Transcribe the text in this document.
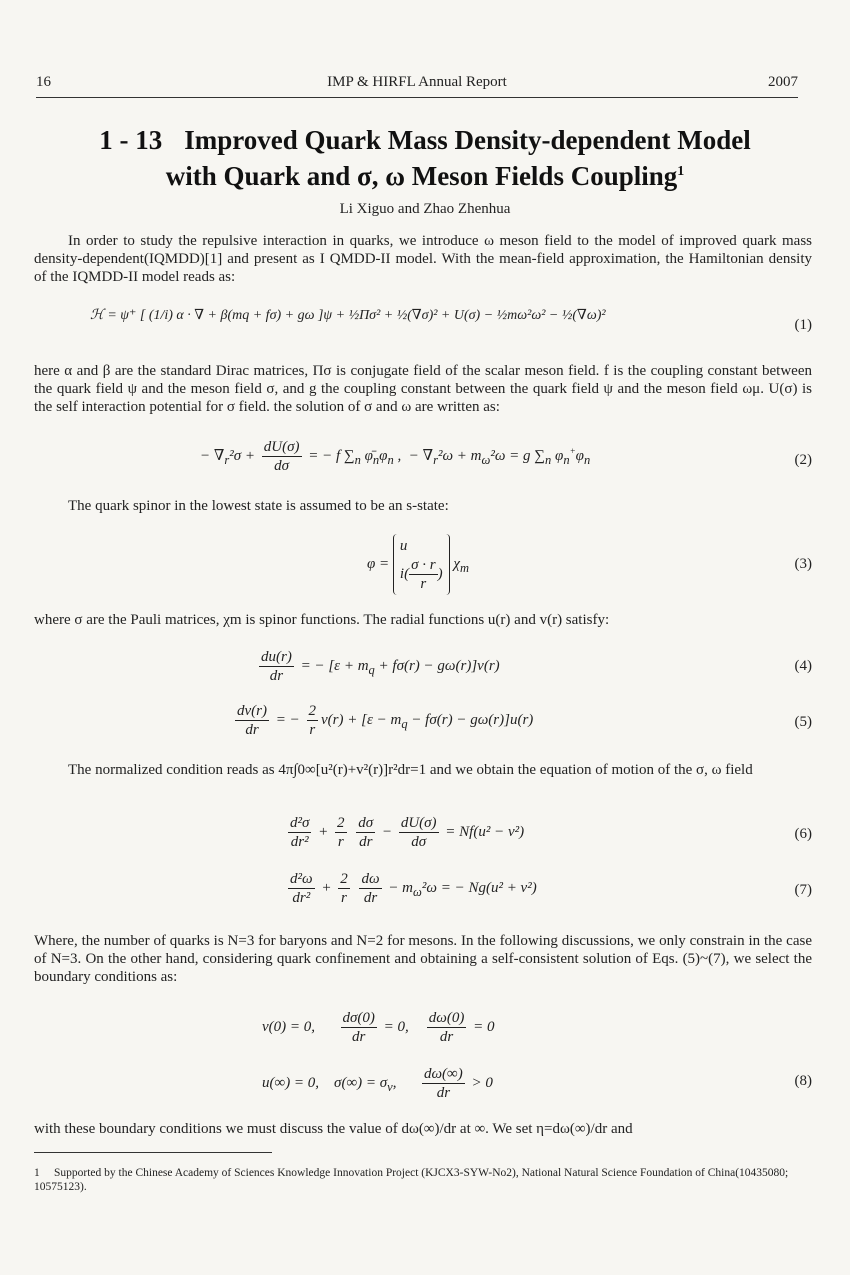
16	IMP & HIRFL Annual Report	2007
1 - 13 Improved Quark Mass Density-dependent Model
with Quark and σ, ω Meson Fields Coupling$^1$
Li Xiguo and Zhao Zhenhua
In order to study the repulsive interaction in quarks, we introduce ω meson field to the model of improved quark mass density-dependent(IQMDD)[1] and present as I QMDD-II model. With the mean-field approximation, the Hamiltonian density of the IQMDD-II model reads as:
ℋ = ψ⁺ [ (1/i) α · ∇ + β(mq + fσ) + gω ]ψ + ½Πσ² + ½(∇σ)² + U(σ) − ½mω²ω² − ½(∇ω)²
(1)
here α and β are the standard Dirac matrices, Πσ is conjugate field of the scalar meson field. f is the coupling constant between the quark field ψ and the meson field σ, and g the coupling constant between the quark field ψ and the meson field ωμ. U(σ) is the self interaction potential for σ field. the solution of σ and ω are written as:
− $\nabla_r^2\sigma + \frac{dU(\sigma)}{d\sigma}$ = − f $\sum_n$ $\varphī_n\varphi_n$ ,  − $\nabla_r^2\omega + m_\omega^2\omega = g$ $\sum_n$ $\varphi_n^+\varphi_n$	(2)
The quark spinor in the lowest state is assumed to be an s-state:
φ =
u
$i( \frac{\sigma \cdot r}{r}$ )
$\chi_m$	(3)
where σ are the Pauli matrices, χm is spinor functions. The radial functions u(r) and v(r) satisfy:
$\frac{du(r)}{dr}$ = − $[\varepsilon + m_q + f\sigma(r) - g\omega(r)]v(r)$	(4)
$\frac{dv(r)}{dr}$ = − $\frac{2}{r} v(r) + [\varepsilon - m_q - f\sigma(r) - g\omega(r)]u(r)$	(5)
The normalized condition reads as 4π∫0∞[u²(r)+v²(r)]r²dr=1 and we obtain the equation of motion of the σ, ω field
$\frac{\text{d²σ}}{\text{dr²}} + \frac{2}{r}$
$\frac{d\sigma}{dr} - \frac{dU(\sigma)}{d\sigma} = Nf(u^2 - v^2)$	(6)
$\frac{\text{d²ω}}{\text{dr²}} + \frac{2}{r}$
$\frac{d\omega}{dr} - m_\omega^2\omega$ = − Ng(u² + v²)	(7)
Where, the number of quarks is N=3 for baryons and N=2 for mesons. In the following discussions, we only constrain in the case of N=3. On the other hand, considering quark confinement and obtaining a self-consistent solution of Eqs. (5)~(7), we select the boundary conditions as:
v(0) = 0, $\frac{d\sigma(0)}{dr} = 0$, $\frac{d\omega(0)}{dr} = 0$
u(∞) = 0,    $\sigma(\infty) = \sigma_v$, $\frac{d\omega(\infty)}{dr} > 0$	(8)
with these boundary conditions we must discuss the value of dω(∞)/dr at ∞. We set η=dω(∞)/dr and
1 Supported by the Chinese Academy of Sciences Knowledge Innovation Project (KJCX3-SYW-No2), National Natural Science Foundation of China(10435080; 10575123).
